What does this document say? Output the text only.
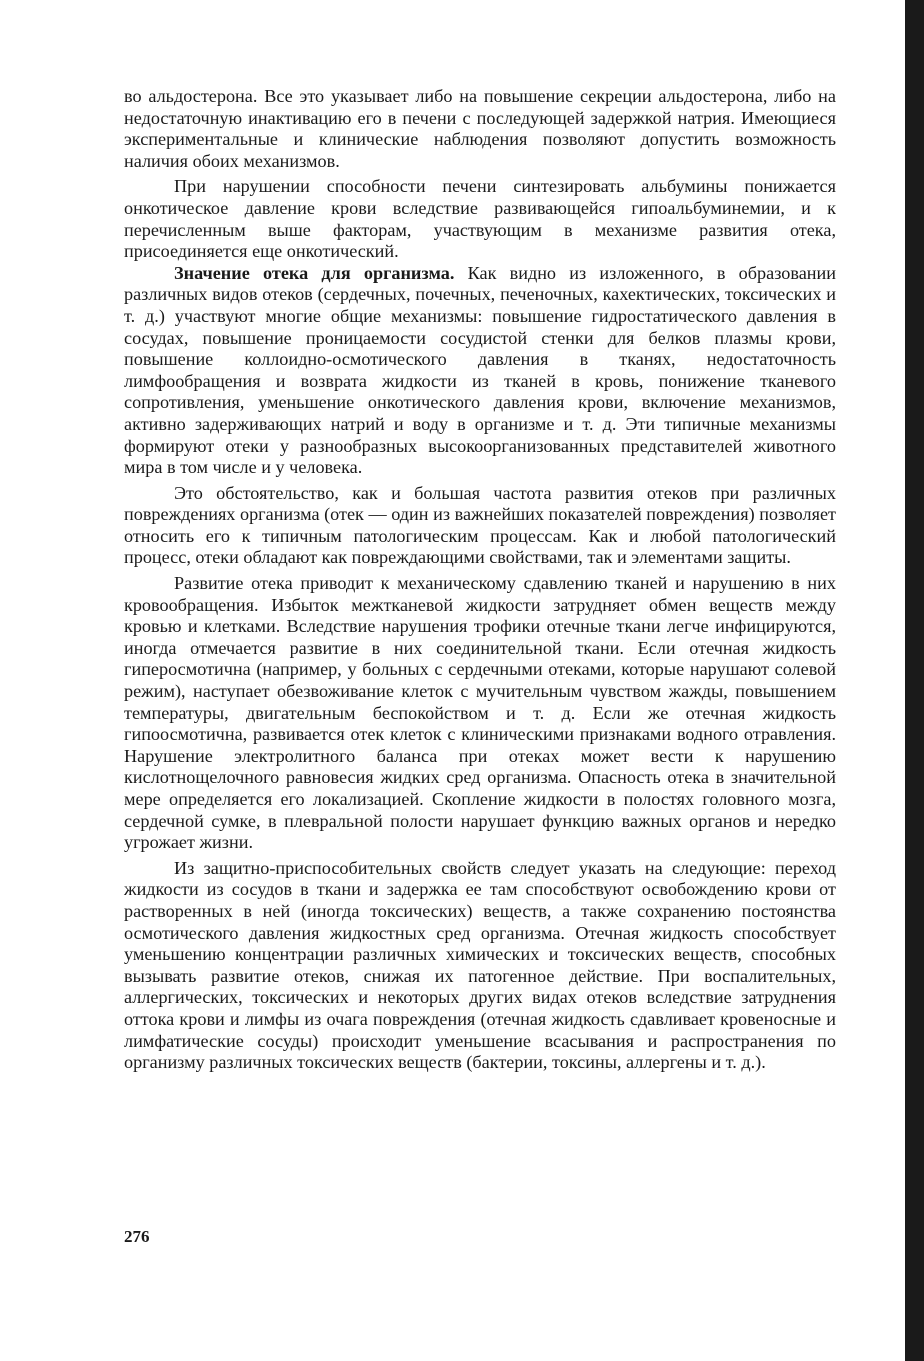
во альдостерона. Все это указывает либо на повышение секреции альдостерона, либо на недостаточную инактивацию его в печени с последующей задержкой натрия. Имеющиеся экспериментальные и клинические наблюдения позволяют допустить возможность наличия обоих механизмов.

При нарушении способности печени синтезировать альбумины понижается онкотическое давление крови вследствие развивающейся гипоальбуминемии, и к перечисленным выше факторам, участвующим в механизме развития отека, присоединяется еще онкотический.

Значение отека для организма. Как видно из изложенного, в образовании различных видов отеков (сердечных, почечных, печеночных, кахектических, токсических и т. д.) участвуют многие общие механизмы: повышение гидростатического давления в сосудах, повышение проницаемости сосудистой стенки для белков плазмы крови, повышение коллоидно-осмотического давления в тканях, недостаточность лимфообращения и возврата жидкости из тканей в кровь, понижение тканевого сопротивления, уменьшение онкотического давления крови, включение механизмов, активно задерживающих натрий и воду в организме и т. д. Эти типичные механизмы формируют отеки у разнообразных высокоорганизованных представителей животного мира в том числе и у человека.

Это обстоятельство, как и большая частота развития отеков при различных повреждениях организма (отек — один из важнейших показателей повреждения) позволяет относить его к типичным патологическим процессам. Как и любой патологический процесс, отеки обладают как повреждающими свойствами, так и элементами защиты.

Развитие отека приводит к механическому сдавлению тканей и нарушению в них кровообращения. Избыток межтканевой жидкости затрудняет обмен веществ между кровью и клетками. Вследствие нарушения трофики отечные ткани легче инфицируются, иногда отмечается развитие в них соединительной ткани. Если отечная жидкость гиперосмотична (например, у больных с сердечными отеками, которые нарушают солевой режим), наступает обезвоживание клеток с мучительным чувством жажды, повышением температуры, двигательным беспокойством и т. д. Если же отечная жидкость гипоосмотична, развивается отек клеток с клиническими признаками водного отравления. Нарушение электролитного баланса при отеках может вести к нарушению кислотнощелочного равновесия жидких сред организма. Опасность отека в значительной мере определяется его локализацией. Скопление жидкости в полостях головного мозга, сердечной сумке, в плевральной полости нарушает функцию важных органов и нередко угрожает жизни.

Из защитно-приспособительных свойств следует указать на следующие: переход жидкости из сосудов в ткани и задержка ее там способствуют освобождению крови от растворенных в ней (иногда токсических) веществ, а также сохранению постоянства осмотического давления жидкостных сред организма. Отечная жидкость способствует уменьшению концентрации различных химических и токсических веществ, способных вызывать развитие отеков, снижая их патогенное действие. При воспалительных, аллергических, токсических и некоторых других видах отеков вследствие затруднения оттока крови и лимфы из очага повреждения (отечная жидкость сдавливает кровеносные и лимфатические сосуды) происходит уменьшение всасывания и распространения по организму различных токсических веществ (бактерии, токсины, аллергены и т. д.).

276
